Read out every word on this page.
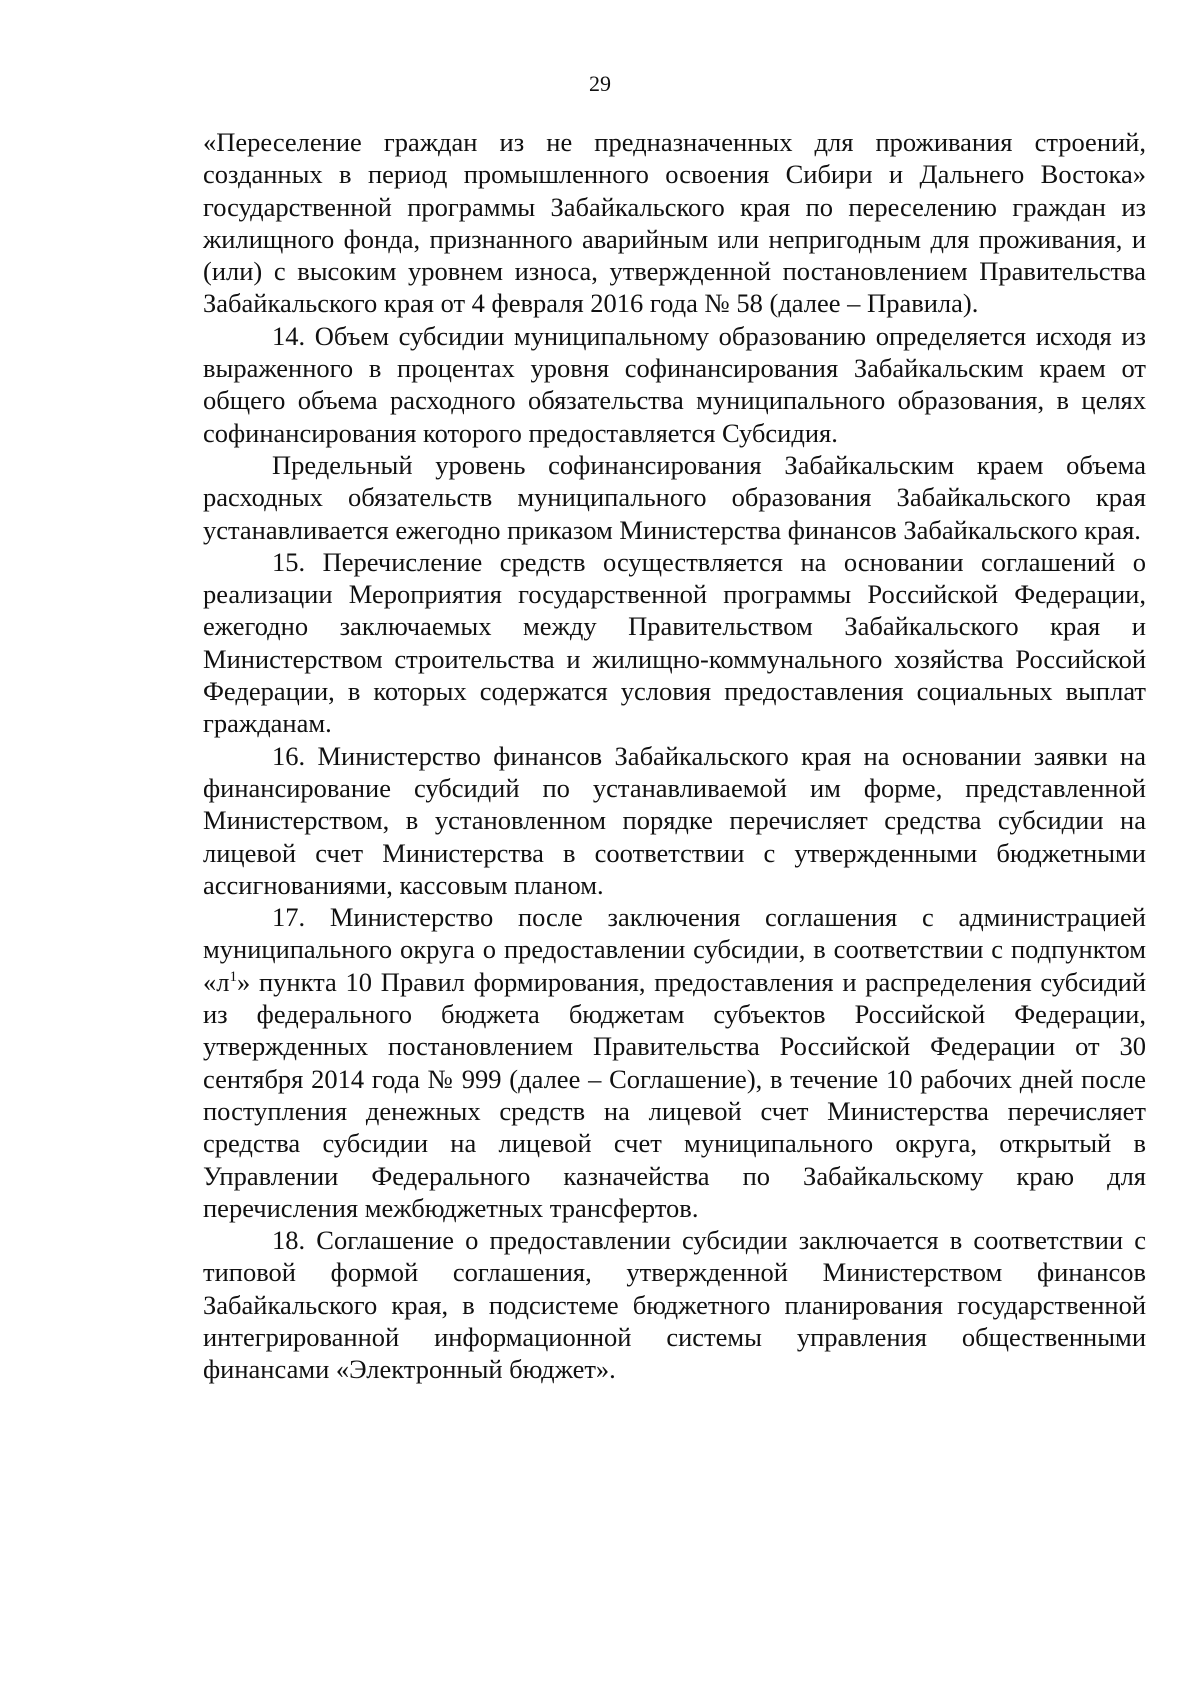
29

«Переселение граждан из не предназначенных для проживания строений, созданных в период промышленного освоения Сибири и Дальнего Востока» государственной программы Забайкальского края по переселению граждан из жилищного фонда, признанного аварийным или непригодным для проживания, и (или) с высоким уровнем износа, утвержденной постановлением Правительства Забайкальского края от 4 февраля 2016 года № 58 (далее – Правила).

14. Объем субсидии муниципальному образованию определяется исходя из выраженного в процентах уровня софинансирования Забайкальским краем от общего объема расходного обязательства муниципального образования, в целях софинансирования которого предоставляется Субсидия.

Предельный уровень софинансирования Забайкальским краем объема расходных обязательств муниципального образования Забайкальского края устанавливается ежегодно приказом Министерства финансов Забайкальского края.

15. Перечисление средств осуществляется на основании соглашений о реализации Мероприятия государственной программы Российской Федерации, ежегодно заключаемых между Правительством Забайкальского края и Министерством строительства и жилищно-коммунального хозяйства Российской Федерации, в которых содержатся условия предоставления социальных выплат гражданам.

16. Министерство финансов Забайкальского края на основании заявки на финансирование субсидий по устанавливаемой им форме, представленной Министерством, в установленном порядке перечисляет средства субсидии на лицевой счет Министерства в соответствии с утвержденными бюджетными ассигнованиями, кассовым планом.

17. Министерство после заключения соглашения с администрацией муниципального округа о предоставлении субсидии, в соответствии с подпунктом «$л^1$» пункта 10 Правил формирования, предоставления и распределения субсидий из федерального бюджета бюджетам субъектов Российской Федерации, утвержденных постановлением Правительства Российской Федерации от 30 сентября 2014 года № 999 (далее – Соглашение), в течение 10 рабочих дней после поступления денежных средств на лицевой счет Министерства перечисляет средства субсидии на лицевой счет муниципального округа, открытый в Управлении Федерального казначейства по Забайкальскому краю для перечисления межбюджетных трансфертов.

18. Соглашение о предоставлении субсидии заключается в соответствии с типовой формой соглашения, утвержденной Министерством финансов Забайкальского края, в подсистеме бюджетного планирования государственной интегрированной информационной системы управления общественными финансами «Электронный бюджет».
